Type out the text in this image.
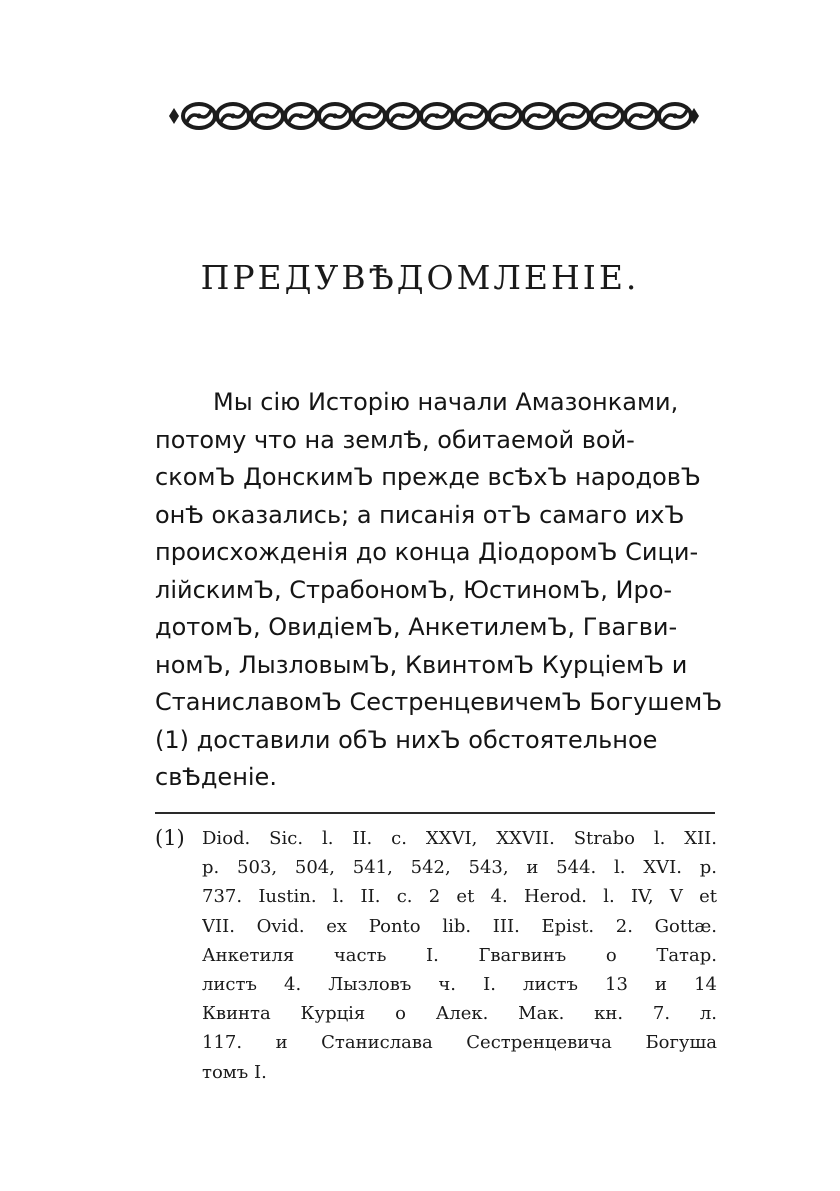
ПРЕДУВѢДОМЛЕНІЕ.
Мы сію Исторію начали Амазонками,
потому что на землѢ, обитаемой вой-
скомЪ ДонскимЪ прежде всѢхЪ народовЪ
онѢ оказались; а писанія отЪ самаго ихЪ
происхожденія до конца ДіодоромЪ Сици-
лійскимЪ, СтрабономЪ, ЮстиномЪ, Иро-
дотомЪ, ОвидіемЪ, АнкетилемЪ, Гвагви-
номЪ, ЛызловымЪ, КвинтомЪ КурціемЪ и
СтаниславомЪ СестренцевичемЪ БогушемЪ
(1) доставили обЪ нихЪ обстоятельное
свѢденіе.
(1) Diod. Sic. l. II. c. XXVI, XXVII. Strabo l. XII.
p. 503, 504, 541, 542, 543, и 544. l. XVI. p.
737. Iustin. l. II. c. 2 et 4. Herod. l. IV, V et
VII. Ovid. ex Ponto lib. III. Epist. 2. Gottæ.
Анкетиля часть I. Гвагвинъ о Татар.
листъ 4. Лызловъ ч. I. листъ 13 и 14
Квинта Курція о Алек. Мак. кн. 7. л.
117. и Станислава Сестренцевича Богуша
томъ I.
